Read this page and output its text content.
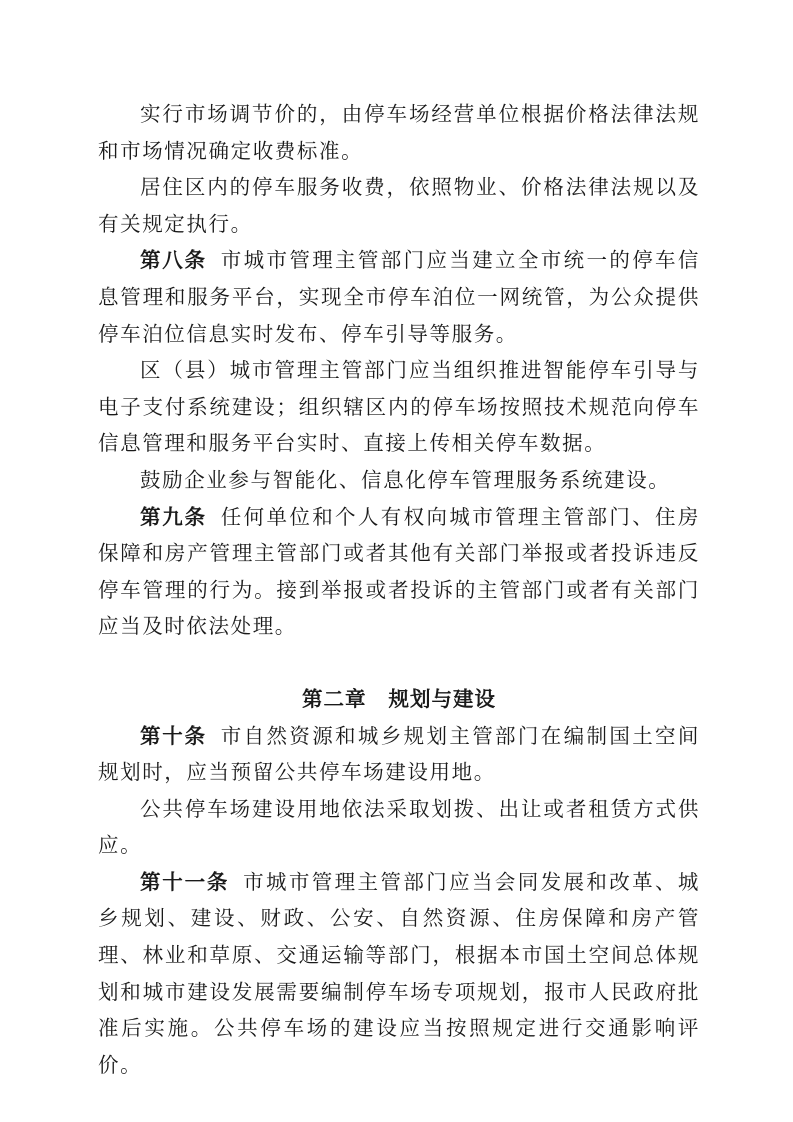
实行市场调节价的，由停车场经营单位根据价格法律法规和市场情况确定收费标准。

居住区内的停车服务收费，依照物业、价格法律法规以及有关规定执行。

第八条 市城市管理主管部门应当建立全市统一的停车信息管理和服务平台，实现全市停车泊位一网统管，为公众提供停车泊位信息实时发布、停车引导等服务。

区（县）城市管理主管部门应当组织推进智能停车引导与电子支付系统建设；组织辖区内的停车场按照技术规范向停车信息管理和服务平台实时、直接上传相关停车数据。

鼓励企业参与智能化、信息化停车管理服务系统建设。

第九条 任何单位和个人有权向城市管理主管部门、住房保障和房产管理主管部门或者其他有关部门举报或者投诉违反停车管理的行为。接到举报或者投诉的主管部门或者有关部门应当及时依法处理。

第二章 规划与建设

第十条 市自然资源和城乡规划主管部门在编制国土空间规划时，应当预留公共停车场建设用地。

公共停车场建设用地依法采取划拨、出让或者租赁方式供应。

第十一条 市城市管理主管部门应当会同发展和改革、城乡规划、建设、财政、公安、自然资源、住房保障和房产管理、林业和草原、交通运输等部门，根据本市国土空间总体规划和城市建设发展需要编制停车场专项规划，报市人民政府批准后实施。公共停车场的建设应当按照规定进行交通影响评价。
